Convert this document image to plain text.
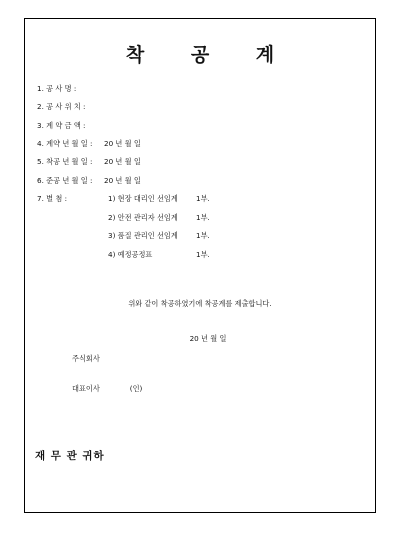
착 공 계
1. 공 사 명 :
2. 공 사 위 치 :
3. 계 약 금 액 :
4. 계약 년 월 일 : 20 년 월 일
5. 착공 년 월 일 : 20 년 월 일
6. 준공 년 월 일 : 20 년 월 일
7. 별 첨 :	1) 현장 대리인 선임계	1부.
2) 안전 관리자 선임계	1부.
3) 품질 관리인 선임계	1부.
4) 예정공정표	1부.
위와 같이 착공하였기에 착공계를 제출합니다.
20 년 월 일
주식회사
대표이사	(인)
재 무 관 귀하
